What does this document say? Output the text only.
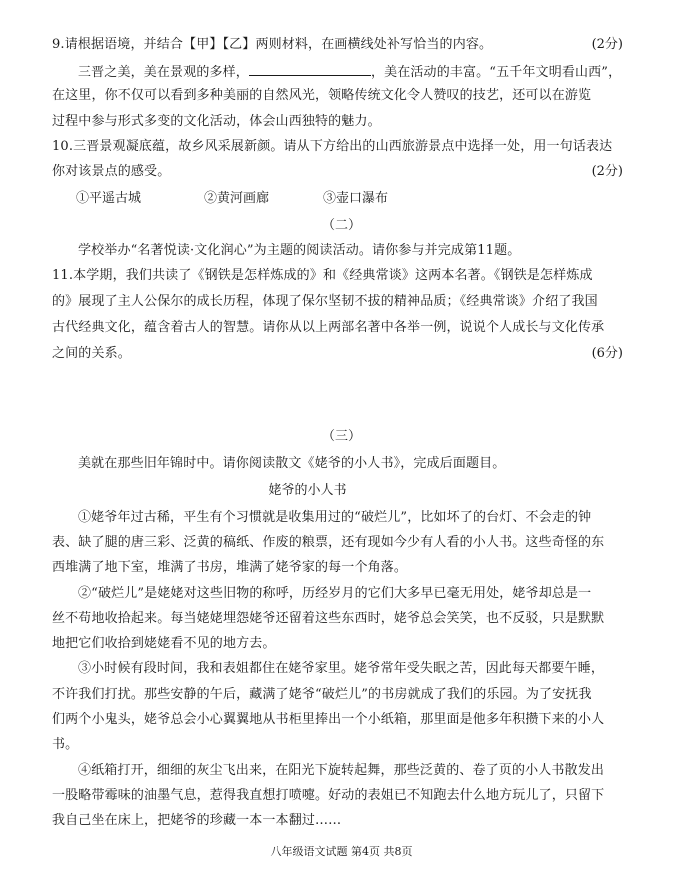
9.请根据语境，并结合【甲】【乙】两则材料，在画横线处补写恰当的内容。	(2分)
三晋之美，美在景观的多样，	，美在活动的丰富。“五千年文明看山西”，
在这里，你不仅可以看到多种美丽的自然风光，领略传统文化令人赞叹的技艺，还可以在游览
过程中参与形式多变的文化活动，体会山西独特的魅力。
10.三晋景观凝底蕴，故乡风采展新颜。请从下方给出的山西旅游景点中选择一处，用一句话表达
你对该景点的感受。	(2分)
①平遥古城	②黄河画廊	③壶口瀑布
（二）
学校举办“名著悦读·文化润心”为主题的阅读活动。请你参与并完成第11题。
11.本学期，我们共读了《钢铁是怎样炼成的》和《经典常谈》这两本名著。《钢铁是怎样炼成
的》展现了主人公保尔的成长历程，体现了保尔坚韧不拔的精神品质；《经典常谈》介绍了我国
古代经典文化，蕴含着古人的智慧。请你从以上两部名著中各举一例，说说个人成长与文化传承
之间的关系。	(6分)
（三）
美就在那些旧年锦时中。请你阅读散文《姥爷的小人书》，完成后面题目。
姥爷的小人书
①姥爷年过古稀，平生有个习惯就是收集用过的“破烂儿”，比如坏了的台灯、不会走的钟
表、缺了腿的唐三彩、泛黄的稿纸、作废的粮票，还有现如今少有人看的小人书。这些奇怪的东
西堆满了地下室，堆满了书房，堆满了姥爷家的每一个角落。
②“破烂儿”是姥姥对这些旧物的称呼，历经岁月的它们大多早已毫无用处，姥爷却总是一
丝不苟地收拾起来。每当姥姥埋怨姥爷还留着这些东西时，姥爷总会笑笑，也不反驳，只是默默
地把它们收拾到姥姥看不见的地方去。
③小时候有段时间，我和表姐都住在姥爷家里。姥爷常年受失眠之苦，因此每天都要午睡，
不许我们打扰。那些安静的午后，藏满了姥爷“破烂儿”的书房就成了我们的乐园。为了安抚我
们两个小鬼头，姥爷总会小心翼翼地从书柜里捧出一个小纸箱，那里面是他多年积攒下来的小人
书。
④纸箱打开，细细的灰尘飞出来，在阳光下旋转起舞，那些泛黄的、卷了页的小人书散发出
一股略带霉味的油墨气息，惹得我直想打喷嚏。好动的表姐已不知跑去什么地方玩儿了，只留下
我自己坐在床上，把姥爷的珍藏一本一本翻过……
八年级语文试题 第4页 共8页
